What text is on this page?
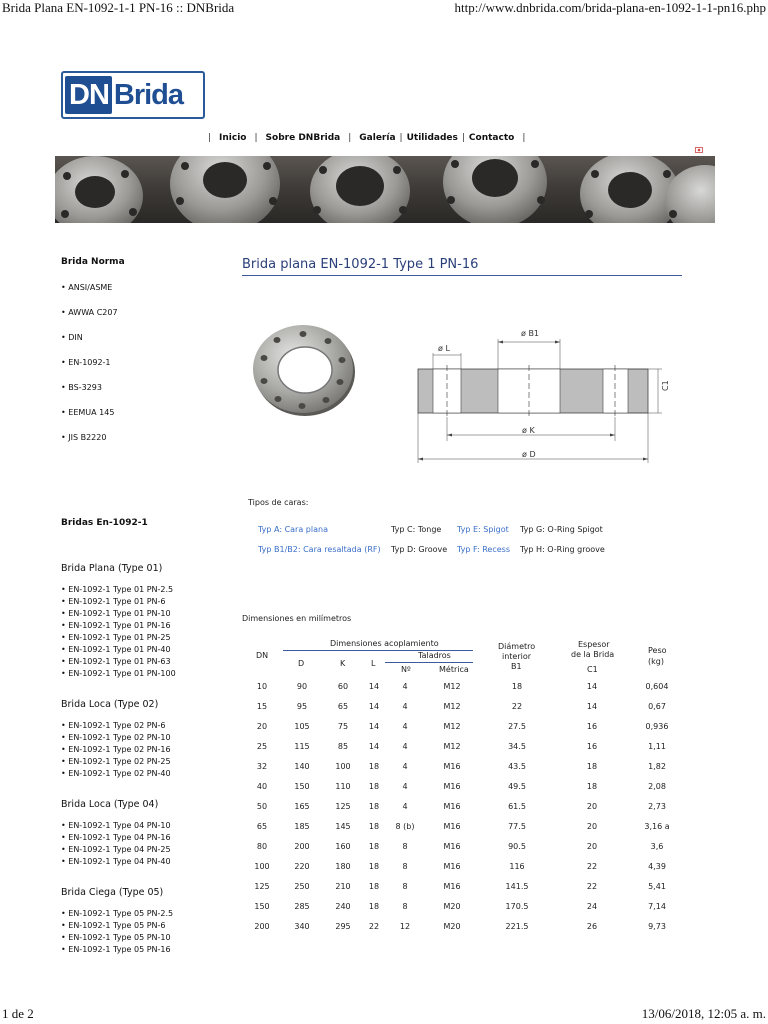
Brida Plana EN-1092-1-1 PN-16 :: DNBrida	http://www.dnbrida.com/brida-plana-en-1092-1-1-pn16.php
DN Brida
| Inicio | Sobre DNBrida | Galería | Utilidades | Contacto |
Brida Norma
• ANSI/ASME
• AWWA C207
• DIN
• EN-1092-1
• BS-3293
• EEMUA 145
• JIS B2220
Bridas En-1092-1
Brida Plana (Type 01)
• EN-1092-1 Type 01 PN-2.5
• EN-1092-1 Type 01 PN-6
• EN-1092-1 Type 01 PN-10
• EN-1092-1 Type 01 PN-16
• EN-1092-1 Type 01 PN-25
• EN-1092-1 Type 01 PN-40
• EN-1092-1 Type 01 PN-63
• EN-1092-1 Type 01 PN-100
Brida Loca (Type 02)
• EN-1092-1 Type 02 PN-6
• EN-1092-1 Type 02 PN-10
• EN-1092-1 Type 02 PN-16
• EN-1092-1 Type 02 PN-25
• EN-1092-1 Type 02 PN-40
Brida Loca (Type 04)
• EN-1092-1 Type 04 PN-10
• EN-1092-1 Type 04 PN-16
• EN-1092-1 Type 04 PN-25
• EN-1092-1 Type 04 PN-40
Brida Ciega (Type 05)
• EN-1092-1 Type 05 PN-2.5
• EN-1092-1 Type 05 PN-6
• EN-1092-1 Type 05 PN-10
• EN-1092-1 Type 05 PN-16
Brida plana EN-1092-1 Type 1 PN-16
ø B1
ø L
C1
ø K
ø D
Tipos de caras:
Typ A: Cara plana	Typ C: Tonge Typ E: Spigot Typ G: O-Ring Spigot
Typ B1/B2: Cara resaltada (RF) Typ D: Groove Typ F: Recess Typ H: O-Ring groove
Dimensiones en milímetros
DN
Dimensiones acoplamiento
D	K	L
Taladros
Nº	Métrica
Diámetro
interior
B1
Espesor
de la Brida
C1
Peso
(kg)
10	90	60	14	4	M12	18	14	0,604
15	95	65	14	4	M12	22	14	0,67
20	105	75	14	4	M12	27.5	16	0,936
25	115	85	14	4	M12	34.5	16	1,11
32	140	100	18	4	M16	43.5	18	1,82
40	150	110	18	4	M16	49.5	18	2,08
50	165	125	18	4	M16	61.5	20	2,73
65	185	145	18	8 (b)	M16	77.5	20	3,16 a
80	200	160	18	8	M16	90.5	20	3,6
100	220	180	18	8	M16	116	22	4,39
125	250	210	18	8	M16	141.5	22	5,41
150	285	240	18	8	M20	170.5	24	7,14
200	340	295	22	12	M20	221.5	26	9,73
1 de 2	13/06/2018, 12:05 a. m.
